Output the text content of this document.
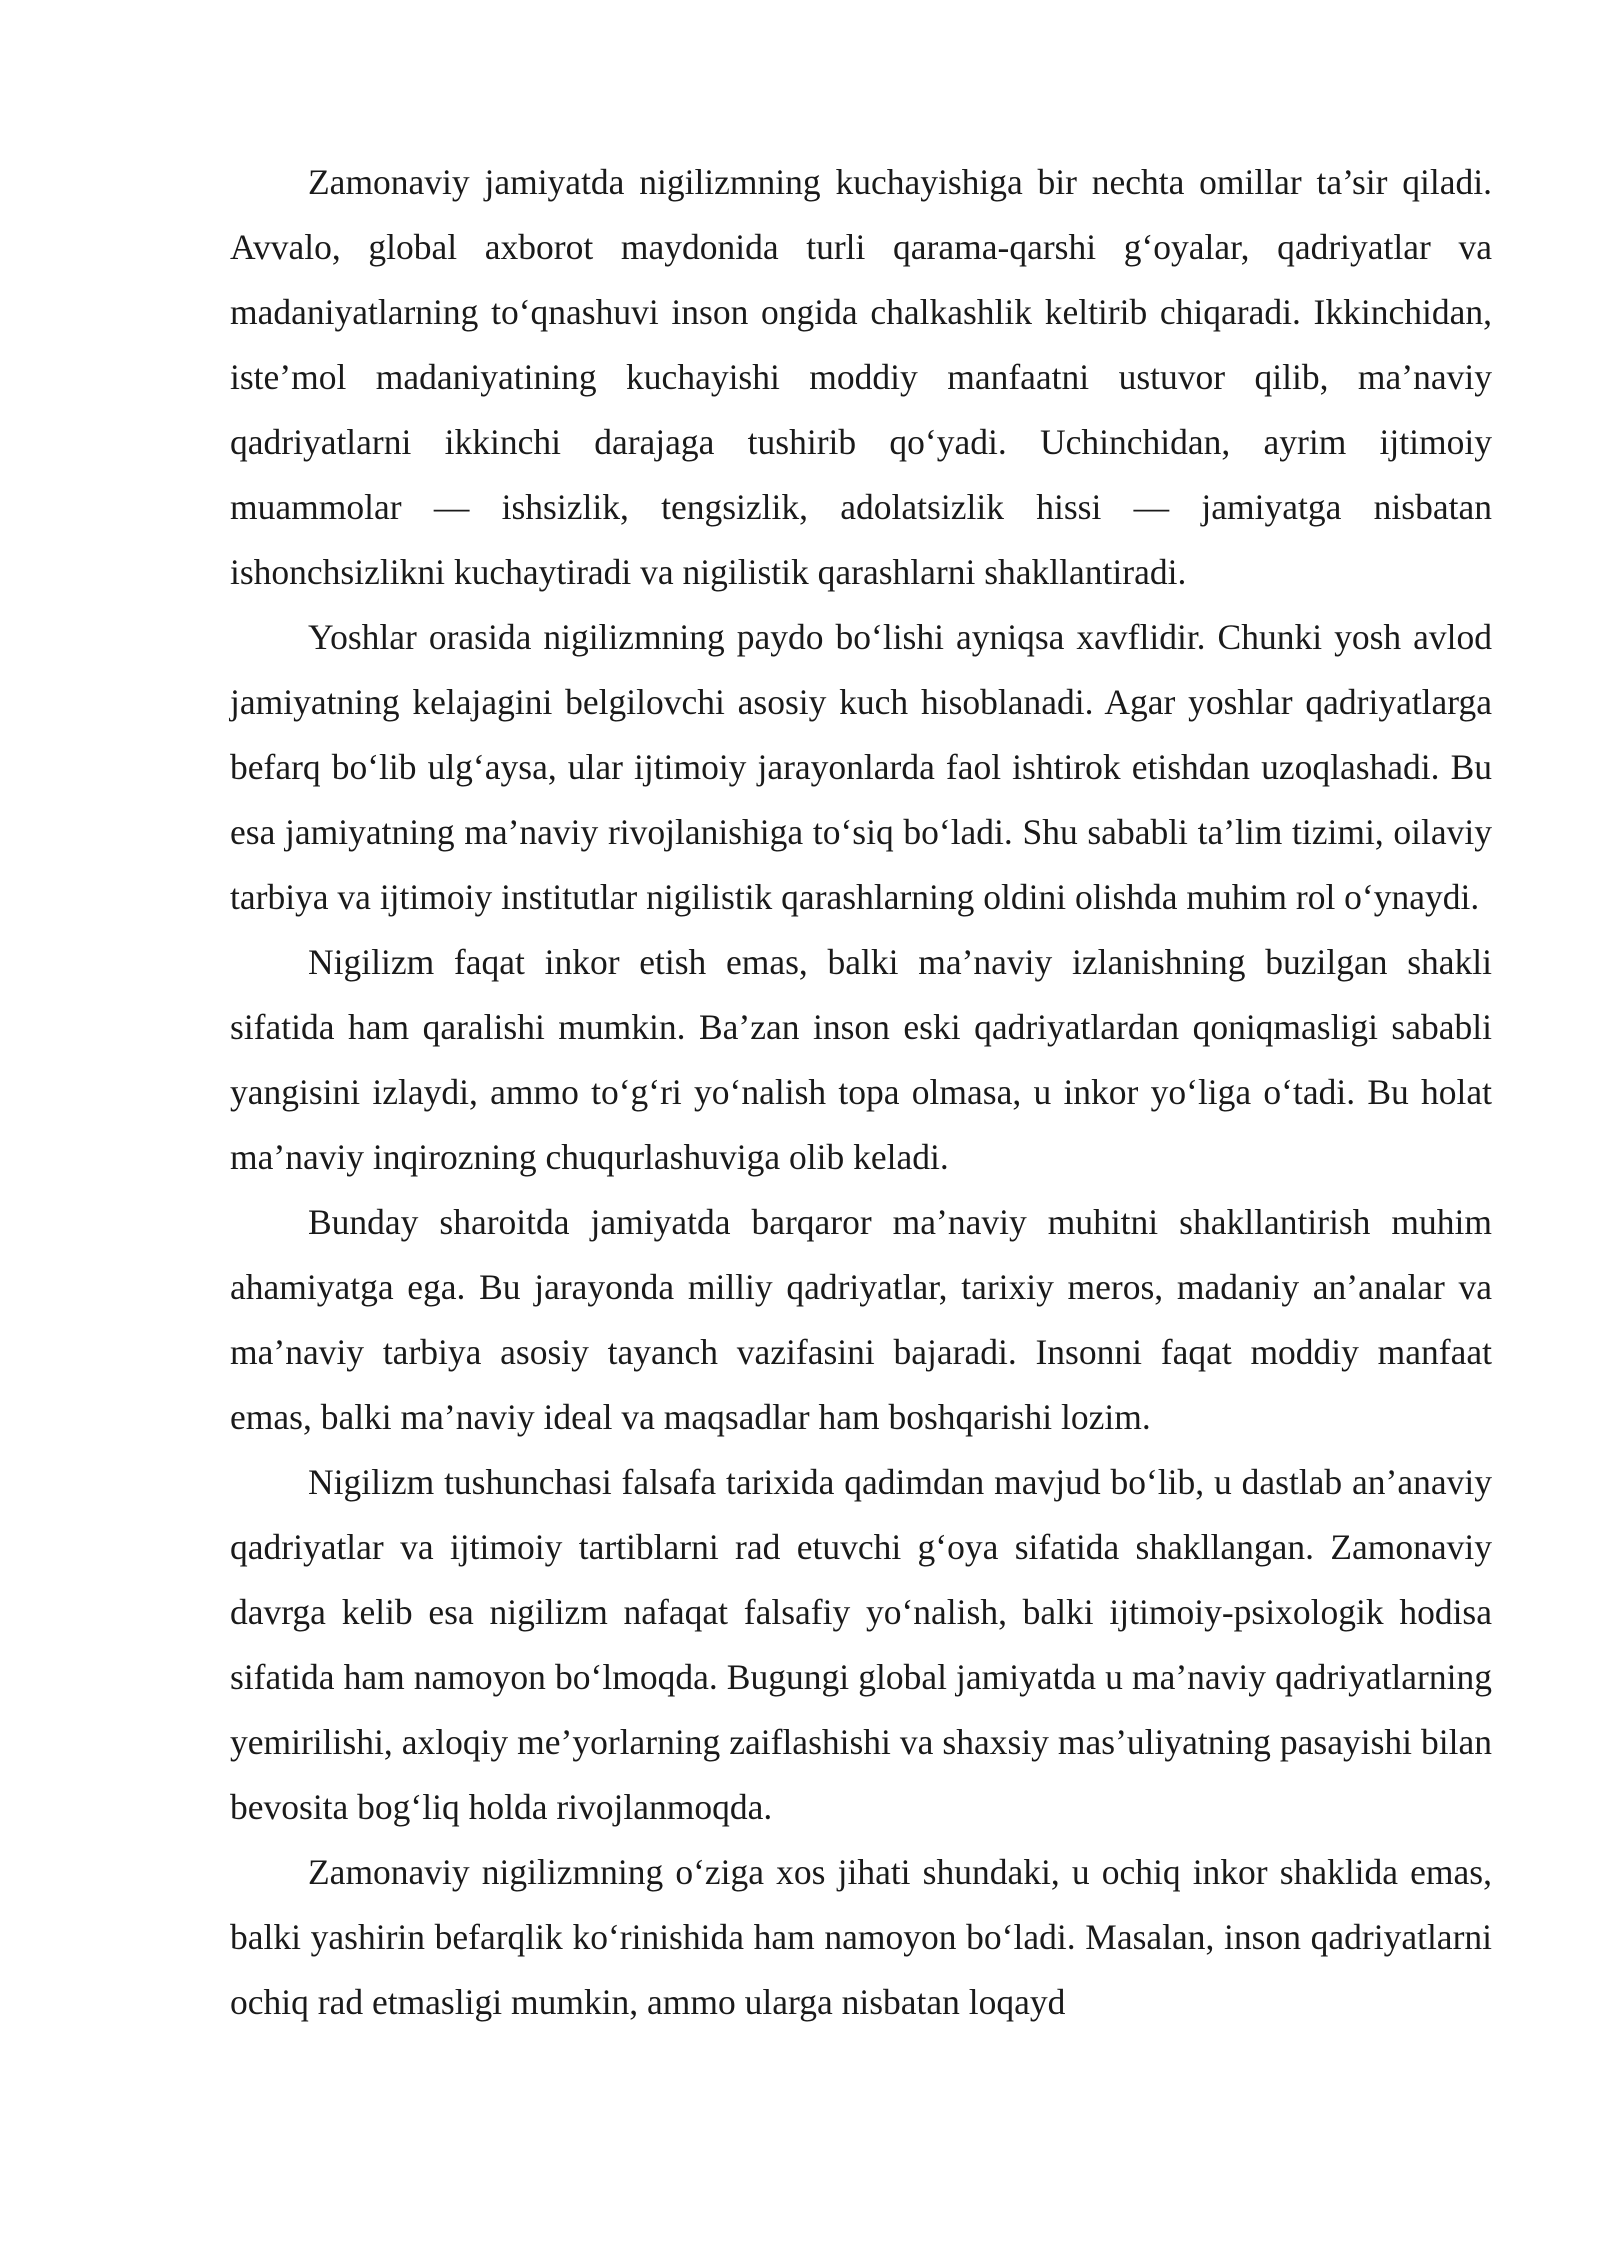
Zamonaviy jamiyatda nigilizmning kuchayishiga bir nechta omillar ta’sir qiladi. Avvalo, global axborot maydonida turli qarama-qarshi g‘oyalar, qadriyatlar va madaniyatlarning to‘qnashuvi inson ongida chalkashlik keltirib chiqaradi. Ikkinchidan, iste’mol madaniyatining kuchayishi moddiy manfaatni ustuvor qilib, ma’naviy qadriyatlarni ikkinchi darajaga tushirib qo‘yadi. Uchinchidan, ayrim ijtimoiy muammolar — ishsizlik, tengsizlik, adolatsizlik hissi — jamiyatga nisbatan ishonchsizlikni kuchaytiradi va nigilistik qarashlarni shakllantiradi.

Yoshlar orasida nigilizmning paydo bo‘lishi ayniqsa xavflidir. Chunki yosh avlod jamiyatning kelajagini belgilovchi asosiy kuch hisoblanadi. Agar yoshlar qadriyatlarga befarq bo‘lib ulg‘aysa, ular ijtimoiy jarayonlarda faol ishtirok etishdan uzoqlashadi. Bu esa jamiyatning ma’naviy rivojlanishiga to‘siq bo‘ladi. Shu sababli ta’lim tizimi, oilaviy tarbiya va ijtimoiy institutlar nigilistik qarashlarning oldini olishda muhim rol o‘ynaydi.

Nigilizm faqat inkor etish emas, balki ma’naviy izlanishning buzilgan shakli sifatida ham qaralishi mumkin. Ba’zan inson eski qadriyatlardan qoniqmasligi sababli yangisini izlaydi, ammo to‘g‘ri yo‘nalish topa olmasa, u inkor yo‘liga o‘tadi. Bu holat ma’naviy inqirozning chuqurlashuviga olib keladi.

Bunday sharoitda jamiyatda barqaror ma’naviy muhitni shakllantirish muhim ahamiyatga ega. Bu jarayonda milliy qadriyatlar, tarixiy meros, madaniy an’analar va ma’naviy tarbiya asosiy tayanch vazifasini bajaradi. Insonni faqat moddiy manfaat emas, balki ma’naviy ideal va maqsadlar ham boshqarishi lozim.

Nigilizm tushunchasi falsafa tarixida qadimdan mavjud bo‘lib, u dastlab an’anaviy qadriyatlar va ijtimoiy tartiblarni rad etuvchi g‘oya sifatida shakllangan. Zamonaviy davrga kelib esa nigilizm nafaqat falsafiy yo‘nalish, balki ijtimoiy-psixologik hodisa sifatida ham namoyon bo‘lmoqda. Bugungi global jamiyatda u ma’naviy qadriyatlarning yemirilishi, axloqiy me’yorlarning zaiflashishi va shaxsiy mas’uliyatning pasayishi bilan bevosita bog‘liq holda rivojlanmoqda.

Zamonaviy nigilizmning o‘ziga xos jihati shundaki, u ochiq inkor shaklida emas, balki yashirin befarqlik ko‘rinishida ham namoyon bo‘ladi. Masalan, inson qadriyatlarni ochiq rad etmasligi mumkin, ammo ularga nisbatan loqayd
